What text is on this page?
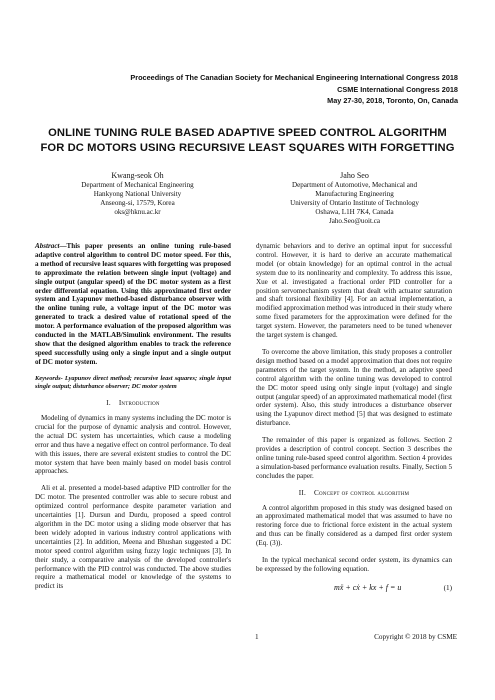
Proceedings of The Canadian Society for Mechanical Engineering International Congress 2018
CSME International Congress 2018
May 27-30, 2018, Toronto, On, Canada
ONLINE TUNING RULE BASED ADAPTIVE SPEED CONTROL ALGORITHM
FOR DC MOTORS USING RECURSIVE LEAST SQUARES WITH FORGETTING
Kwang-seok Oh
Department of Mechanical Engineering
Hankyong National University
Anseong-si, 17579, Korea
oks@hknu.ac.kr
Jaho Seo
Department of Automotive, Mechanical and
Manufacturing Engineering
University of Ontario Institute of Technology
Oshawa, L1H 7K4, Canada
Jaho.Seo@uoit.ca

Abstract—This paper presents an online tuning rule-based adaptive control algorithm to control DC motor speed. For this, a method of recursive least squares with forgetting was proposed to approximate the relation between single input (voltage) and single output (angular speed) of the DC motor system as a first order differential equation. Using this approximated first order system and Lyapunov method-based disturbance observer with the online tuning rule, a voltage input of the DC motor was generated to track a desired value of rotational speed of the motor. A performance evaluation of the proposed algorithm was conducted in the MATLAB/Simulink environment. The results show that the designed algorithm enables to track the reference speed successfully using only a single input and a single output of DC motor system.

Keywords- Lyapunov direct method; recursive least squares; single input single output; disturbance observer; DC motor system

I. Introduction

Modeling of dynamics in many systems including the DC motor is crucial for the purpose of dynamic analysis and control. However, the actual DC system has uncertainties, which cause a modeling error and thus have a negative effect on control performance. To deal with this issues, there are several existent studies to control the DC motor system that have been mainly based on model basis control approaches.

Ali et al. presented a model-based adaptive PID controller for the DC motor. The presented controller was able to secure robust and optimized control performance despite parameter variation and uncertainties [1]. Dursun and Durdu, proposed a speed control algorithm in the DC motor using a sliding mode observer that has been widely adopted in various industry control applications with uncertainties [2]. In addition, Meena and Bhushan suggested a DC motor speed control algorithm using fuzzy logic techniques [3]. In their study, a comparative analysis of the developed controller's performance with the PID control was conducted. The above studies require a mathematical model or knowledge of the systems to predict its

dynamic behaviors and to derive an optimal input for successful control. However, it is hard to derive an accurate mathematical model (or obtain knowledge) for an optimal control in the actual system due to its nonlinearity and complexity. To address this issue, Xue et al. investigated a fractional order PID controller for a position servomechanism system that dealt with actuator saturation and shaft torsional flexibility [4]. For an actual implementation, a modified approximation method was introduced in their study where some fixed parameters for the approximation were defined for the target system. However, the parameters need to be tuned whenever the target system is changed.

To overcome the above limitation, this study proposes a controller design method based on a model approximation that does not require parameters of the target system. In the method, an adaptive speed control algorithm with the online tuning was developed to control the DC motor speed using only single input (voltage) and single output (angular speed) of an approximated mathematical model (first order system). Also, this study introduces a disturbance observer using the Lyapunov direct method [5] that was designed to estimate disturbance.

The remainder of this paper is organized as follows. Section 2 provides a description of control concept. Section 3 describes the online tuning rule-based speed control algorithm. Section 4 provides a simulation-based performance evaluation results. Finally, Section 5 concludes the paper.

II. Concept of control algorithm

A control algorithm proposed in this study was designed based on an approximated mathematical model that was assumed to have no restoring force due to frictional force existent in the actual system and thus can be finally considered as a damped first order system (Eq. (3)).

In the typical mechanical second order system, its dynamics can be expressed by the following equation.

mẍ + cẋ + kx + f = u	(1)
1	Copyright © 2018 by CSME
